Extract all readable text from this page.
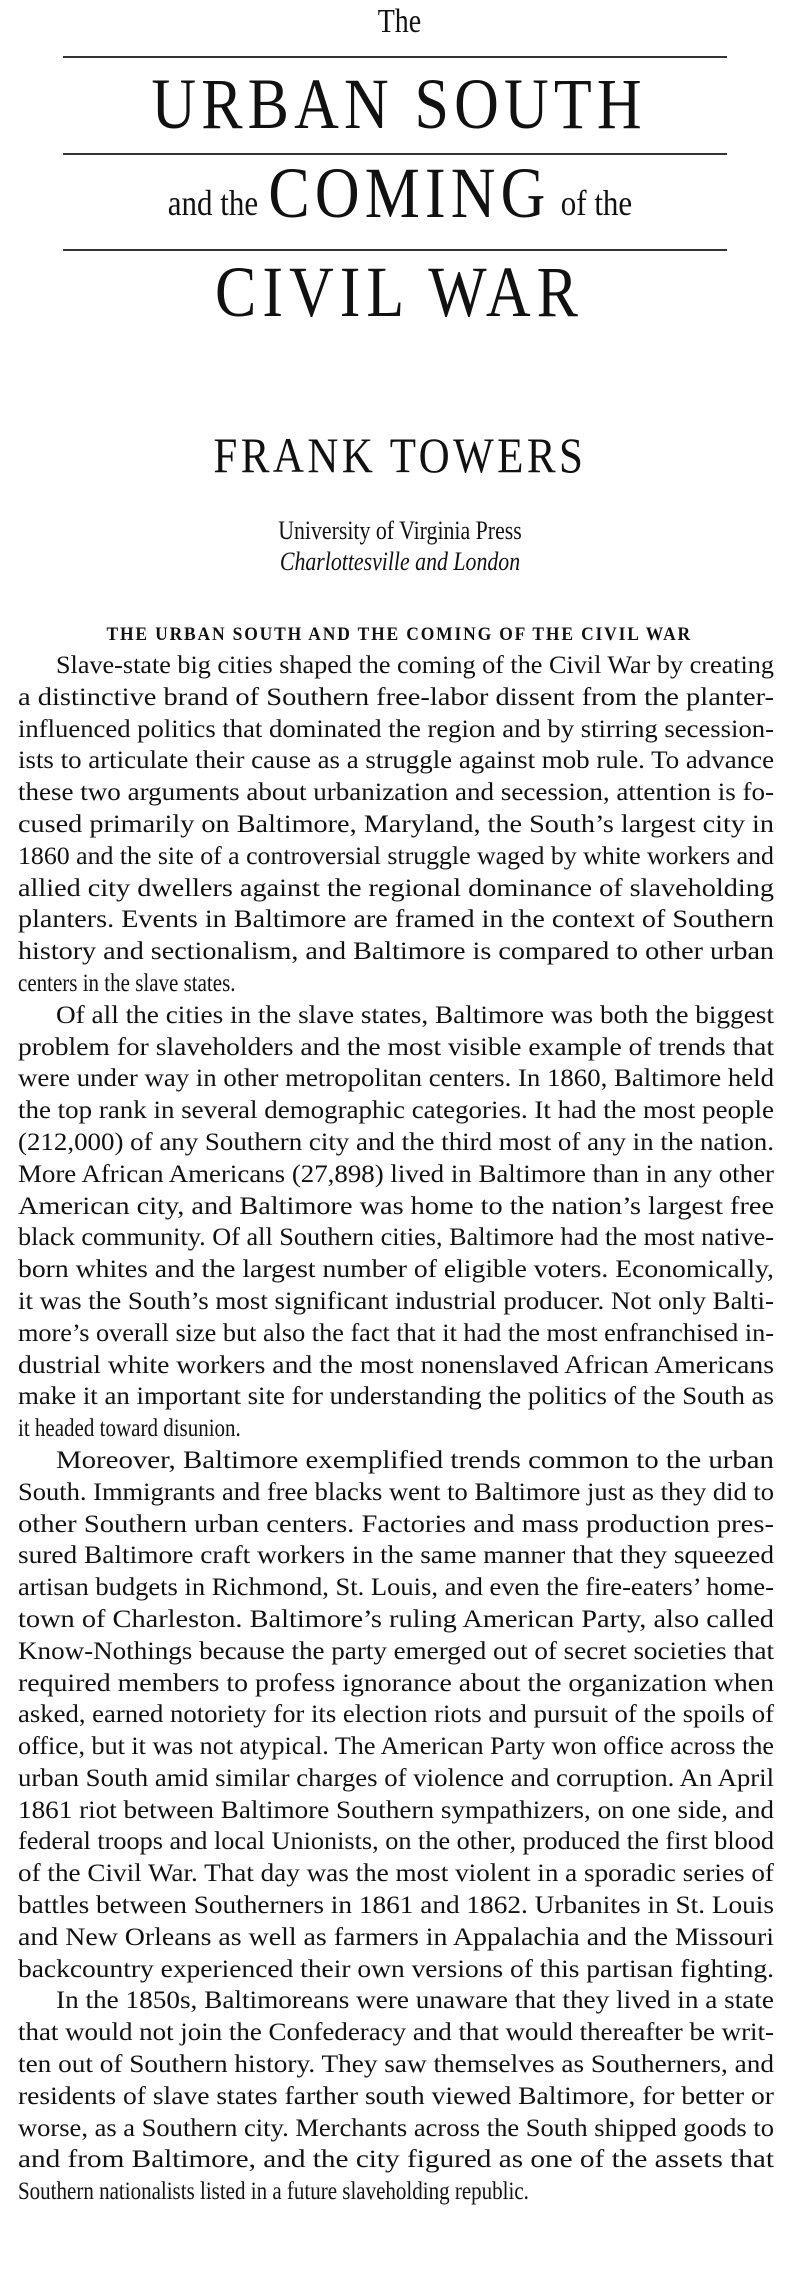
The
URBAN SOUTH
and the COMING of the
CIVIL WAR
FRANK TOWERS
University of Virginia Press
Charlottesville and London
THE URBAN SOUTH AND THE COMING OF THE CIVIL WAR
Slave-state big cities shaped the coming of the Civil War by creating
a distinctive brand of Southern free-labor dissent from the planter-
influenced politics that dominated the region and by stirring secession-
ists to articulate their cause as a struggle against mob rule. To advance
these two arguments about urbanization and secession, attention is fo-
cused primarily on Baltimore, Maryland, the South’s largest city in
1860 and the site of a controversial struggle waged by white workers and
allied city dwellers against the regional dominance of slaveholding
planters. Events in Baltimore are framed in the context of Southern
history and sectionalism, and Baltimore is compared to other urban
centers in the slave states.
Of all the cities in the slave states, Baltimore was both the biggest
problem for slaveholders and the most visible example of trends that
were under way in other metropolitan centers. In 1860, Baltimore held
the top rank in several demographic categories. It had the most people
(212,000) of any Southern city and the third most of any in the nation.
More African Americans (27,898) lived in Baltimore than in any other
American city, and Baltimore was home to the nation’s largest free
black community. Of all Southern cities, Baltimore had the most native-
born whites and the largest number of eligible voters. Economically,
it was the South’s most significant industrial producer. Not only Balti-
more’s overall size but also the fact that it had the most enfranchised in-
dustrial white workers and the most nonenslaved African Americans
make it an important site for understanding the politics of the South as
it headed toward disunion.
Moreover, Baltimore exemplified trends common to the urban
South. Immigrants and free blacks went to Baltimore just as they did to
other Southern urban centers. Factories and mass production pres-
sured Baltimore craft workers in the same manner that they squeezed
artisan budgets in Richmond, St. Louis, and even the fire-eaters’ home-
town of Charleston. Baltimore’s ruling American Party, also called
Know-Nothings because the party emerged out of secret societies that
required members to profess ignorance about the organization when
asked, earned notoriety for its election riots and pursuit of the spoils of
office, but it was not atypical. The American Party won office across the
urban South amid similar charges of violence and corruption. An April
1861 riot between Baltimore Southern sympathizers, on one side, and
federal troops and local Unionists, on the other, produced the first blood
of the Civil War. That day was the most violent in a sporadic series of
battles between Southerners in 1861 and 1862. Urbanites in St. Louis
and New Orleans as well as farmers in Appalachia and the Missouri
backcountry experienced their own versions of this partisan fighting.
In the 1850s, Baltimoreans were unaware that they lived in a state
that would not join the Confederacy and that would thereafter be writ-
ten out of Southern history. They saw themselves as Southerners, and
residents of slave states farther south viewed Baltimore, for better or
worse, as a Southern city. Merchants across the South shipped goods to
and from Baltimore, and the city figured as one of the assets that
Southern nationalists listed in a future slaveholding republic.
